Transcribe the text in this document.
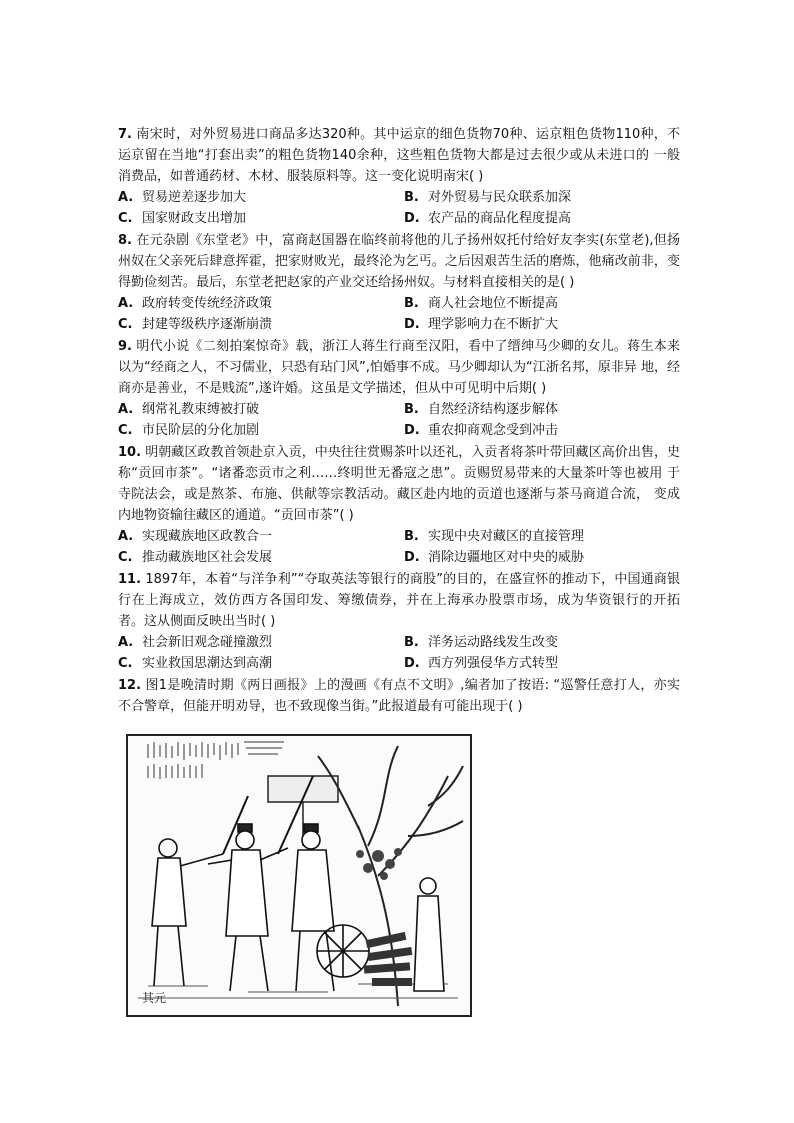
7. 南宋时，对外贸易进口商品多达320种。其中运京的细色货物70种、运京粗色货物110种，不 运京留在当地“打套出卖”的粗色货物140余种，这些粗色货物大都是过去很少或从未进口的 一般消费品，如普通药材、木材、服装原料等。这一变化说明南宋( )

A. 贸易逆差逐步加大	B. 对外贸易与民众联系加深
C. 国家财政支出增加	D. 农产品的商品化程度提高

8. 在元杂剧《东堂老》中，富商赵国器在临终前将他的儿子扬州奴托付给好友李实(东堂老),但扬州奴在父亲死后肆意挥霍，把家财败光，最终沦为乞丐。之后因艰苦生活的磨炼，他痛改前非，变得勤俭刻苦。最后，东堂老把赵家的产业交还给扬州奴。与材料直接相关的是( )

A. 政府转变传统经济政策	B. 商人社会地位不断提高
C. 封建等级秩序逐渐崩溃	D. 理学影响力在不断扩大

9. 明代小说《二刻拍案惊奇》载，浙江人蒋生行商至汉阳，看中了缙绅马少卿的女儿。蒋生本来以为“经商之人，不习儒业，只恐有玷门风”,怕婚事不成。马少卿却认为“江浙名邦，原非异 地，经商亦是善业，不是贱流”,遂许婚。这虽是文学描述，但从中可见明中后期( )

A. 纲常礼教束缚被打破	B. 自然经济结构逐步解体
C. 市民阶层的分化加剧	D. 重农抑商观念受到冲击

10. 明朝藏区政教首领赴京入贡，中央往往赏赐茶叶以还礼，入贡者将茶叶带回藏区高价出售，史 称“贡回市茶”。“诸番恋贡市之利……终明世无番寇之患”。贡赐贸易带来的大量茶叶等也被用 于寺院法会，或是熬茶、布施、供献等宗教活动。藏区赴内地的贡道也逐渐与茶马商道合流， 变成内地物资输往藏区的通道。“贡回市茶”( )

A. 实现藏族地区政教合一	B. 实现中央对藏区的直接管理
C. 推动藏族地区社会发展	D. 消除边疆地区对中央的威胁

11. 1897年，本着“与洋争利”“夺取英法等银行的商股”的目的，在盛宣怀的推动下，中国通商银 行在上海成立，效仿西方各国印发、筹缴债券，并在上海承办股票市场，成为华资银行的开拓 者。这从侧面反映出当时( )

A. 社会新旧观念碰撞激烈	B. 洋务运动路线发生改变
C. 实业救国思潮达到高潮	D. 西方列强侵华方式转型

12. 图1是晚清时期《两日画报》上的漫画《有点不文明》,编者加了按语: “巡警任意打人，亦实 不合警章，但能开明劝导，也不致现像当街。”此报道最有可能出现于( )

其元
